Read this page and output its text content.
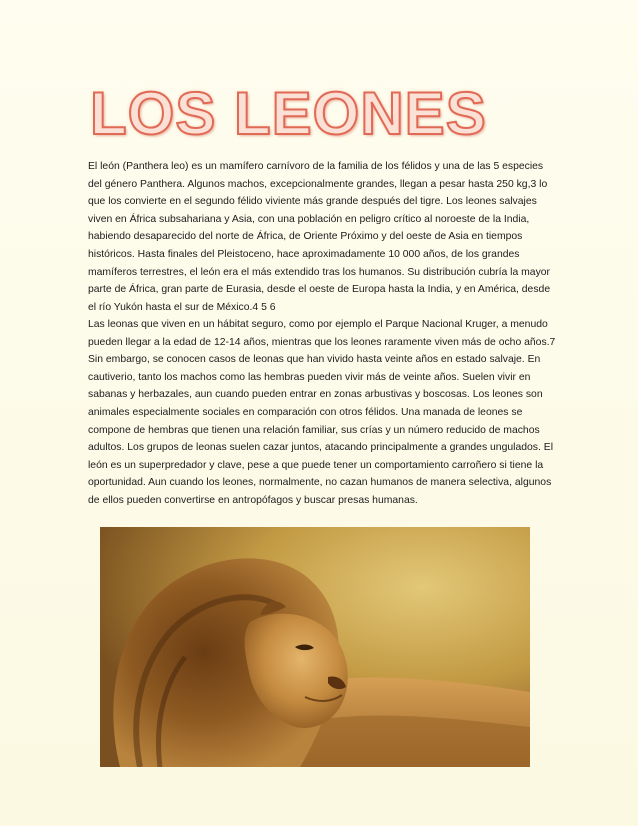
LOS LEONES

El león (Panthera leo) es un mamífero carnívoro de la familia de los félidos y una de las 5 especies del género Panthera. Algunos machos, excepcionalmente grandes, llegan a pesar hasta 250 kg,3 lo que los convierte en el segundo félido viviente más grande después del tigre. Los leones salvajes viven en África subsahariana y Asia, con una población en peligro crítico al noroeste de la India, habiendo desaparecido del norte de África, de Oriente Próximo y del oeste de Asia en tiempos históricos. Hasta finales del Pleistoceno, hace aproximadamente 10 000 años, de los grandes mamíferos terrestres, el león era el más extendido tras los humanos. Su distribución cubría la mayor parte de África, gran parte de Eurasia, desde el oeste de Europa hasta la India, y en América, desde el río Yukón hasta el sur de México.4 5 6

Las leonas que viven en un hábitat seguro, como por ejemplo el Parque Nacional Kruger, a menudo pueden llegar a la edad de 12-14 años, mientras que los leones raramente viven más de ocho años.7 Sin embargo, se conocen casos de leonas que han vivido hasta veinte años en estado salvaje. En cautiverio, tanto los machos como las hembras pueden vivir más de veinte años. Suelen vivir en sabanas y herbazales, aun cuando pueden entrar en zonas arbustivas y boscosas. Los leones son animales especialmente sociales en comparación con otros félidos. Una manada de leones se compone de hembras que tienen una relación familiar, sus crías y un número reducido de machos adultos. Los grupos de leonas suelen cazar juntos, atacando principalmente a grandes ungulados. El león es un superpredador y clave, pese a que puede tener un comportamiento carroñero si tiene la oportunidad. Aun cuando los leones, normalmente, no cazan humanos de manera selectiva, algunos de ellos pueden convertirse en antropófagos y buscar presas humanas.
